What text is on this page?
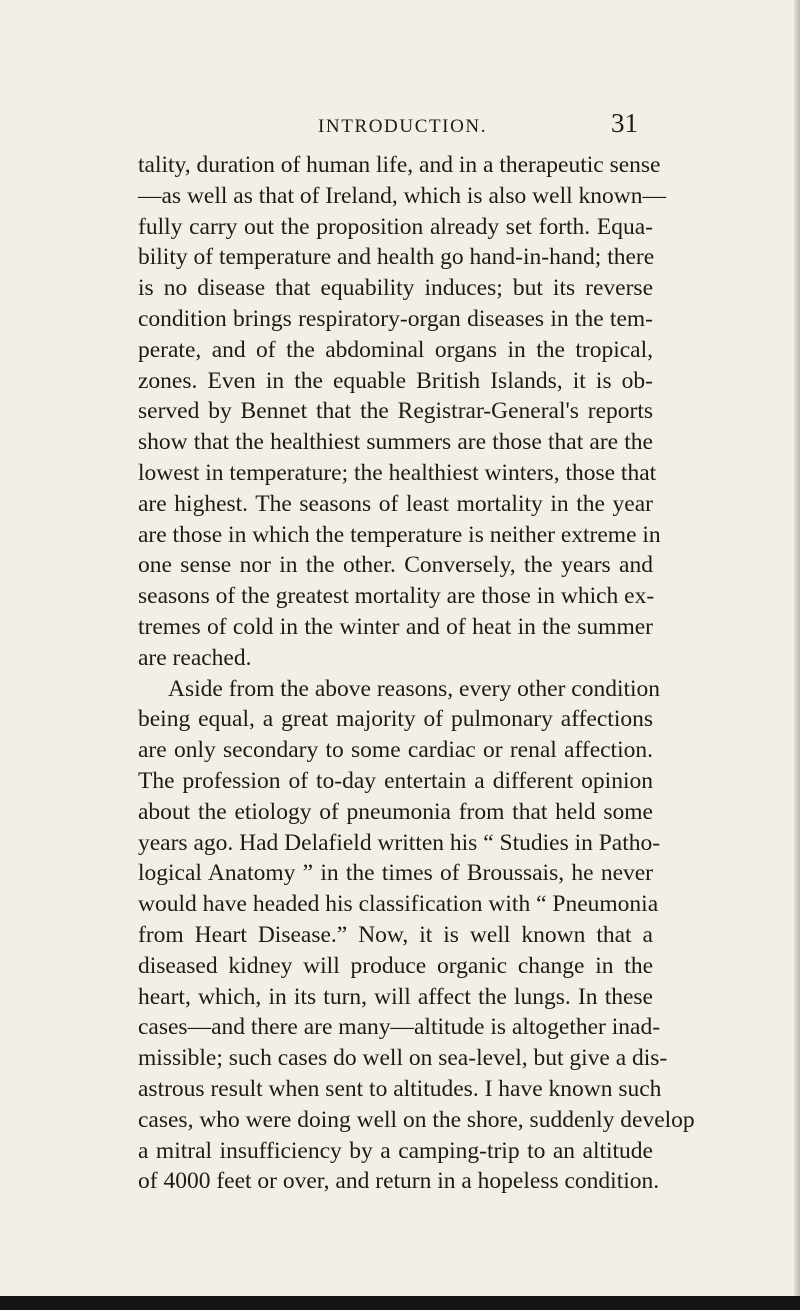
INTRODUCTION.	31
tality, duration of human life, and in a therapeutic sense
—as well as that of Ireland, which is also well known—
fully carry out the proposition already set forth. Equa-
bility of temperature and health go hand-in-hand; there
is no disease that equability induces; but its reverse
condition brings respiratory-organ diseases in the tem-
perate, and of the abdominal organs in the tropical,
zones. Even in the equable British Islands, it is ob-
served by Bennet that the Registrar-General's reports
show that the healthiest summers are those that are the
lowest in temperature; the healthiest winters, those that
are highest. The seasons of least mortality in the year
are those in which the temperature is neither extreme in
one sense nor in the other. Conversely, the years and
seasons of the greatest mortality are those in which ex-
tremes of cold in the winter and of heat in the summer
are reached.
Aside from the above reasons, every other condition
being equal, a great majority of pulmonary affections
are only secondary to some cardiac or renal affection.
The profession of to-day entertain a different opinion
about the etiology of pneumonia from that held some
years ago. Had Delafield written his “ Studies in Patho-
logical Anatomy ” in the times of Broussais, he never
would have headed his classification with “ Pneumonia
from Heart Disease.” Now, it is well known that a
diseased kidney will produce organic change in the
heart, which, in its turn, will affect the lungs. In these
cases—and there are many—altitude is altogether inad-
missible; such cases do well on sea-level, but give a dis-
astrous result when sent to altitudes. I have known such
cases, who were doing well on the shore, suddenly develop
a mitral insufficiency by a camping-trip to an altitude
of 4000 feet or over, and return in a hopeless condition.
